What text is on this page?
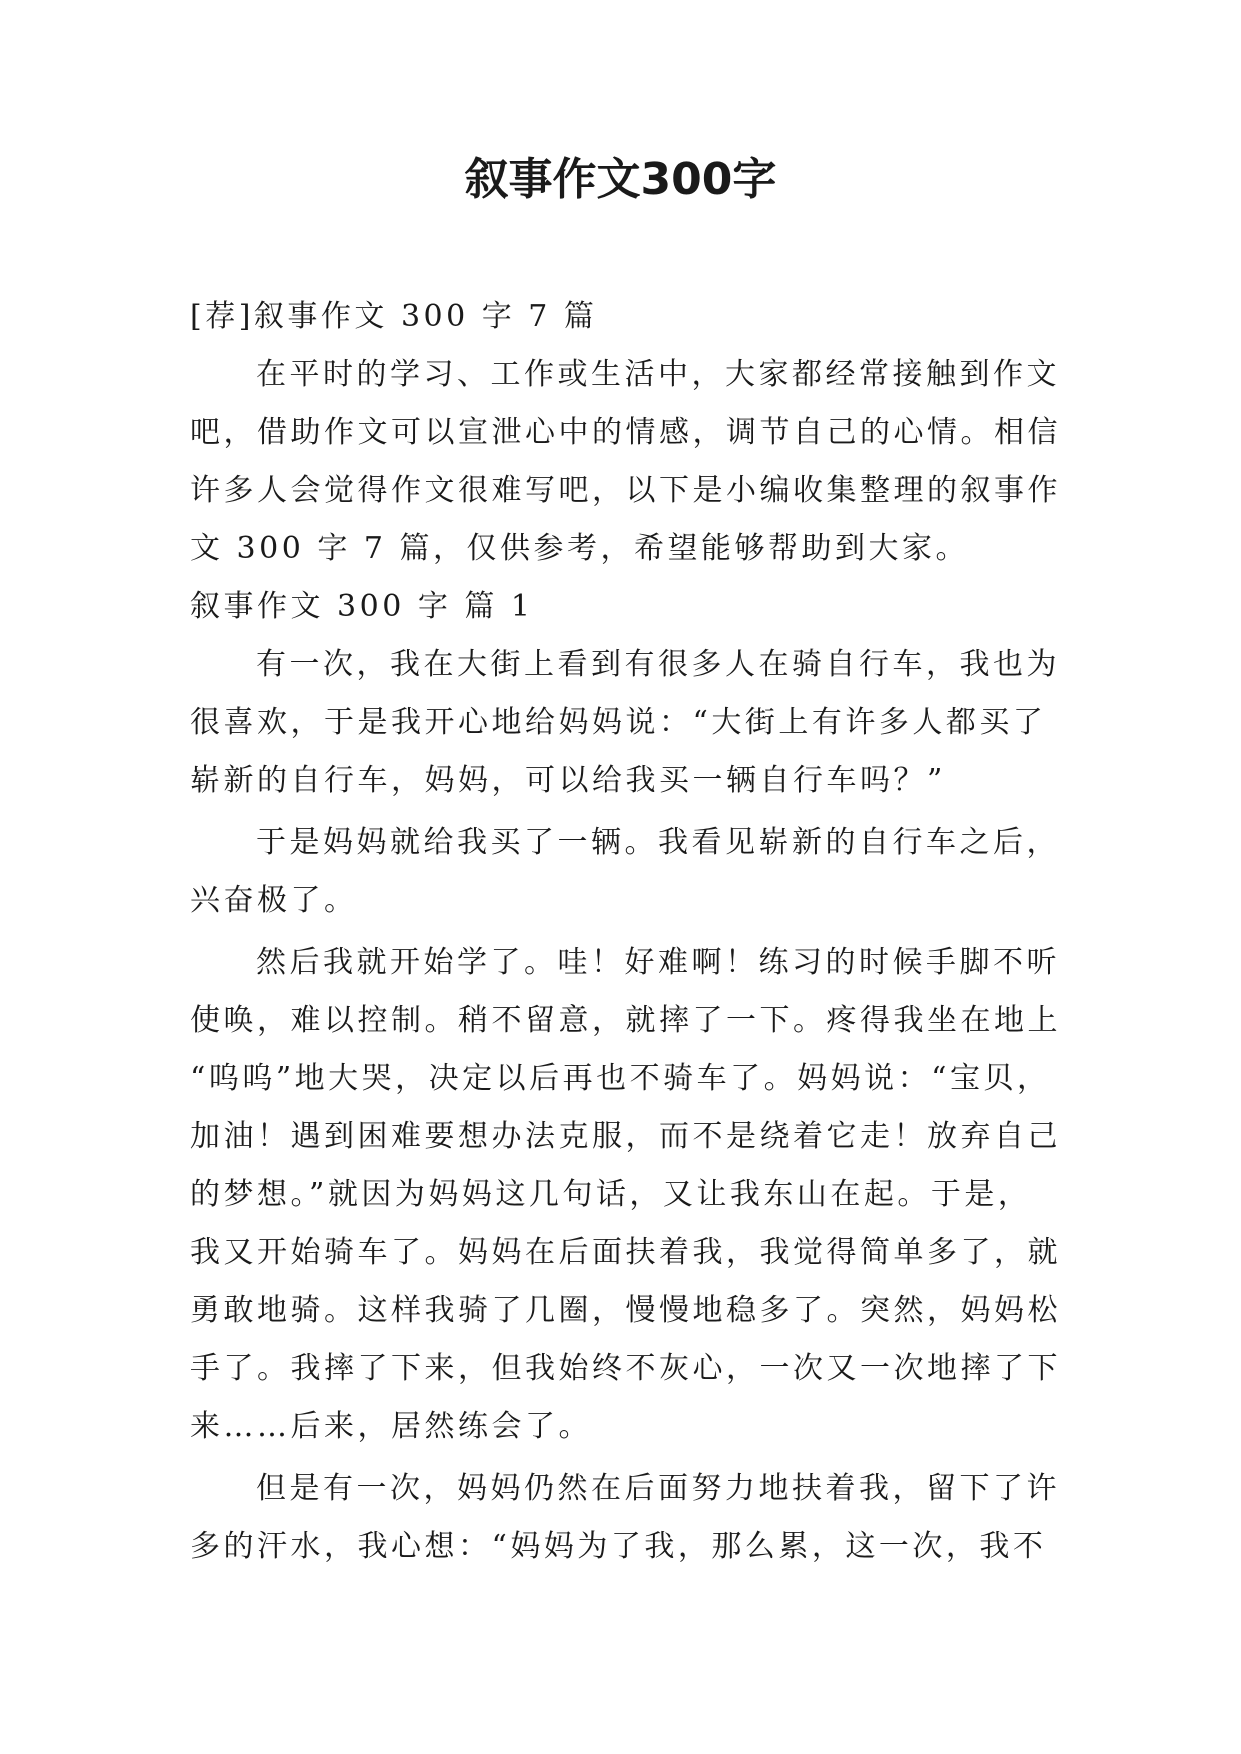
叙事作文300字
[荐]叙事作文 300 字 7 篇
在平时的学习、工作或生活中，大家都经常接触到作文
吧，借助作文可以宣泄心中的情感，调节自己的心情。相信
许多人会觉得作文很难写吧，以下是小编收集整理的叙事作
文 300 字 7 篇，仅供参考，希望能够帮助到大家。
叙事作文 300 字 篇 1
有一次，我在大街上看到有很多人在骑自行车，我也为
很喜欢，于是我开心地给妈妈说：“大街上有许多人都买了
崭新的自行车，妈妈，可以给我买一辆自行车吗？”
于是妈妈就给我买了一辆。我看见崭新的自行车之后，
兴奋极了。
然后我就开始学了。哇！好难啊！练习的时候手脚不听
使唤，难以控制。稍不留意，就摔了一下。疼得我坐在地上
“呜呜”地大哭，决定以后再也不骑车了。妈妈说：“宝贝，
加油！遇到困难要想办法克服，而不是绕着它走！放弃自己
的梦想。”就因为妈妈这几句话，又让我东山在起。于是，
我又开始骑车了。妈妈在后面扶着我，我觉得简单多了，就
勇敢地骑。这样我骑了几圈，慢慢地稳多了。突然，妈妈松
手了。我摔了下来，但我始终不灰心，一次又一次地摔了下
来……后来，居然练会了。
但是有一次，妈妈仍然在后面努力地扶着我，留下了许
多的汗水，我心想：“妈妈为了我，那么累，这一次，我不
